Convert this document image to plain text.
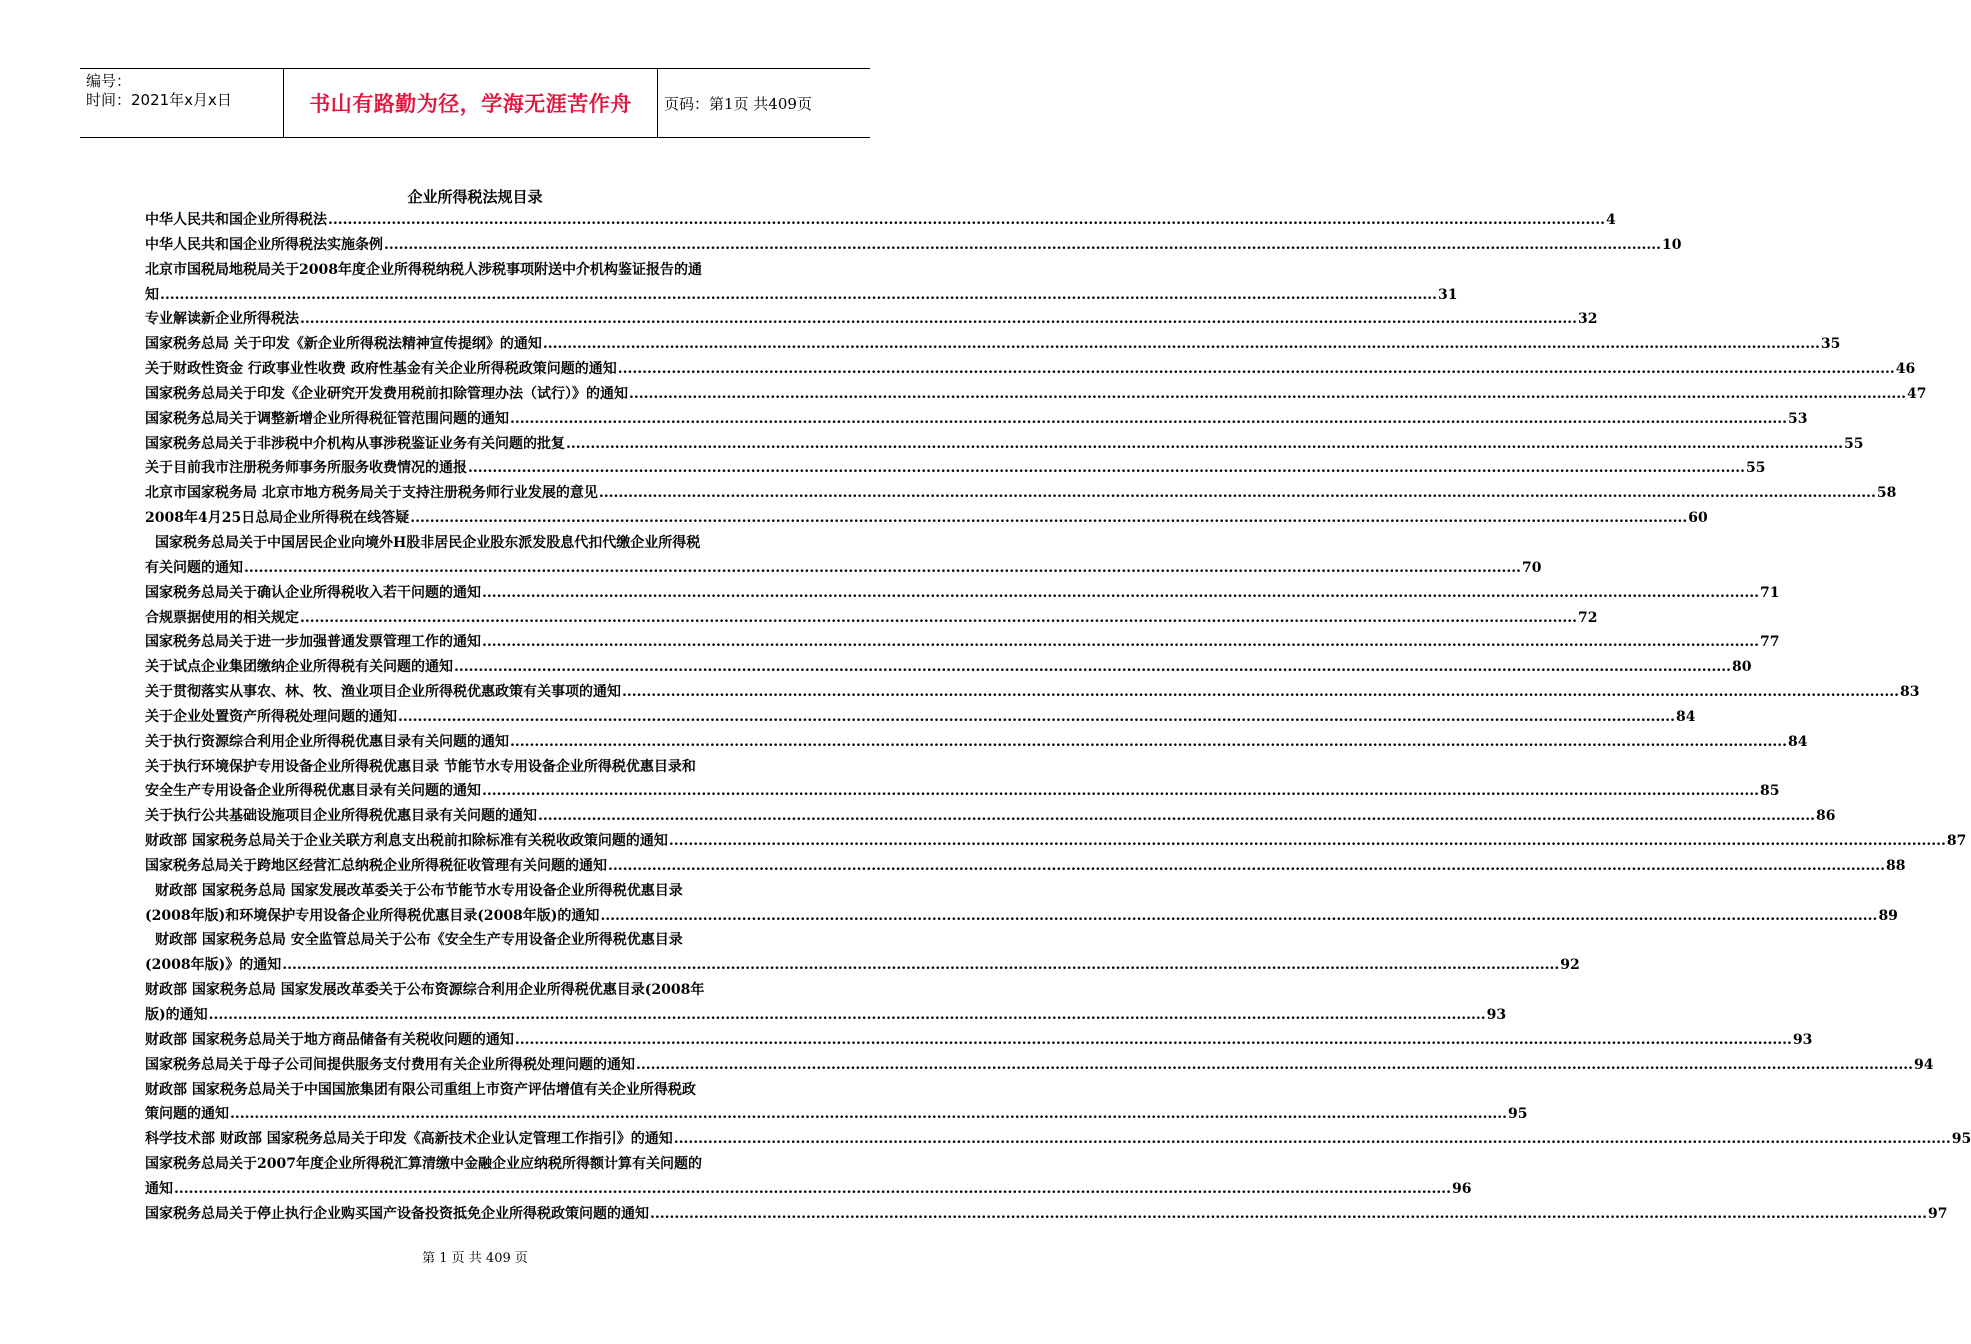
编号：
时间：2021年x月x日	书山有路勤为径，学海无涯苦作舟	页码：第1页 共409页
企业所得税法规目录
中华人民共和国企业所得税法 .....	4
中华人民共和国企业所得税法实施条例 .....	10
北京市国税局地税局关于2008年度企业所得税纳税人涉税事项附送中介机构鉴证报告的通
知 .....	31
专业解读新企业所得税法 .....	32
国家税务总局 关于印发《新企业所得税法精神宣传提纲》的通知 .....	35
关于财政性资金 行政事业性收费 政府性基金有关企业所得税政策问题的通知 .....	46
国家税务总局关于印发《企业研究开发费用税前扣除管理办法（试行）》的通知 .....	47
国家税务总局关于调整新增企业所得税征管范围问题的通知 .....	53
国家税务总局关于非涉税中介机构从事涉税鉴证业务有关问题的批复 .....	55
关于目前我市注册税务师事务所服务收费情况的通报 .....	55
北京市国家税务局 北京市地方税务局关于支持注册税务师行业发展的意见 .....	58
2008年4月25日总局企业所得税在线答疑 .....	60
国家税务总局关于中国居民企业向境外H股非居民企业股东派发股息代扣代缴企业所得税
有关问题的通知 .....	70
国家税务总局关于确认企业所得税收入若干问题的通知 .....	71
合规票据使用的相关规定 .....	72
国家税务总局关于进一步加强普通发票管理工作的通知 .....	77
关于试点企业集团缴纳企业所得税有关问题的通知 .....	80
关于贯彻落实从事农、林、牧、渔业项目企业所得税优惠政策有关事项的通知 .....	83
关于企业处置资产所得税处理问题的通知 .....	84
关于执行资源综合利用企业所得税优惠目录有关问题的通知 .....	84
关于执行环境保护专用设备企业所得税优惠目录 节能节水专用设备企业所得税优惠目录和
安全生产专用设备企业所得税优惠目录有关问题的通知 .....	85
关于执行公共基础设施项目企业所得税优惠目录有关问题的通知 .....	86
财政部 国家税务总局关于企业关联方利息支出税前扣除标准有关税收政策问题的通知 .....	87
国家税务总局关于跨地区经营汇总纳税企业所得税征收管理有关问题的通知 .....	88
财政部 国家税务总局 国家发展改革委关于公布节能节水专用设备企业所得税优惠目录
(2008年版)和环境保护专用设备企业所得税优惠目录(2008年版)的通知 .....	89
财政部 国家税务总局 安全监管总局关于公布《安全生产专用设备企业所得税优惠目录
(2008年版)》的通知 .....	92
财政部 国家税务总局 国家发展改革委关于公布资源综合利用企业所得税优惠目录(2008年
版)的通知 .....	93
财政部 国家税务总局关于地方商品储备有关税收问题的通知 .....	93
国家税务总局关于母子公司间提供服务支付费用有关企业所得税处理问题的通知 .....	94
财政部 国家税务总局关于中国国旅集团有限公司重组上市资产评估增值有关企业所得税政
策问题的通知 .....	95
科学技术部 财政部 国家税务总局关于印发《高新技术企业认定管理工作指引》的通知 .....	95
国家税务总局关于2007年度企业所得税汇算清缴中金融企业应纳税所得额计算有关问题的
通知 .....	96
国家税务总局关于停止执行企业购买国产设备投资抵免企业所得税政策问题的通知 .....	97
第 1 页 共 409 页
